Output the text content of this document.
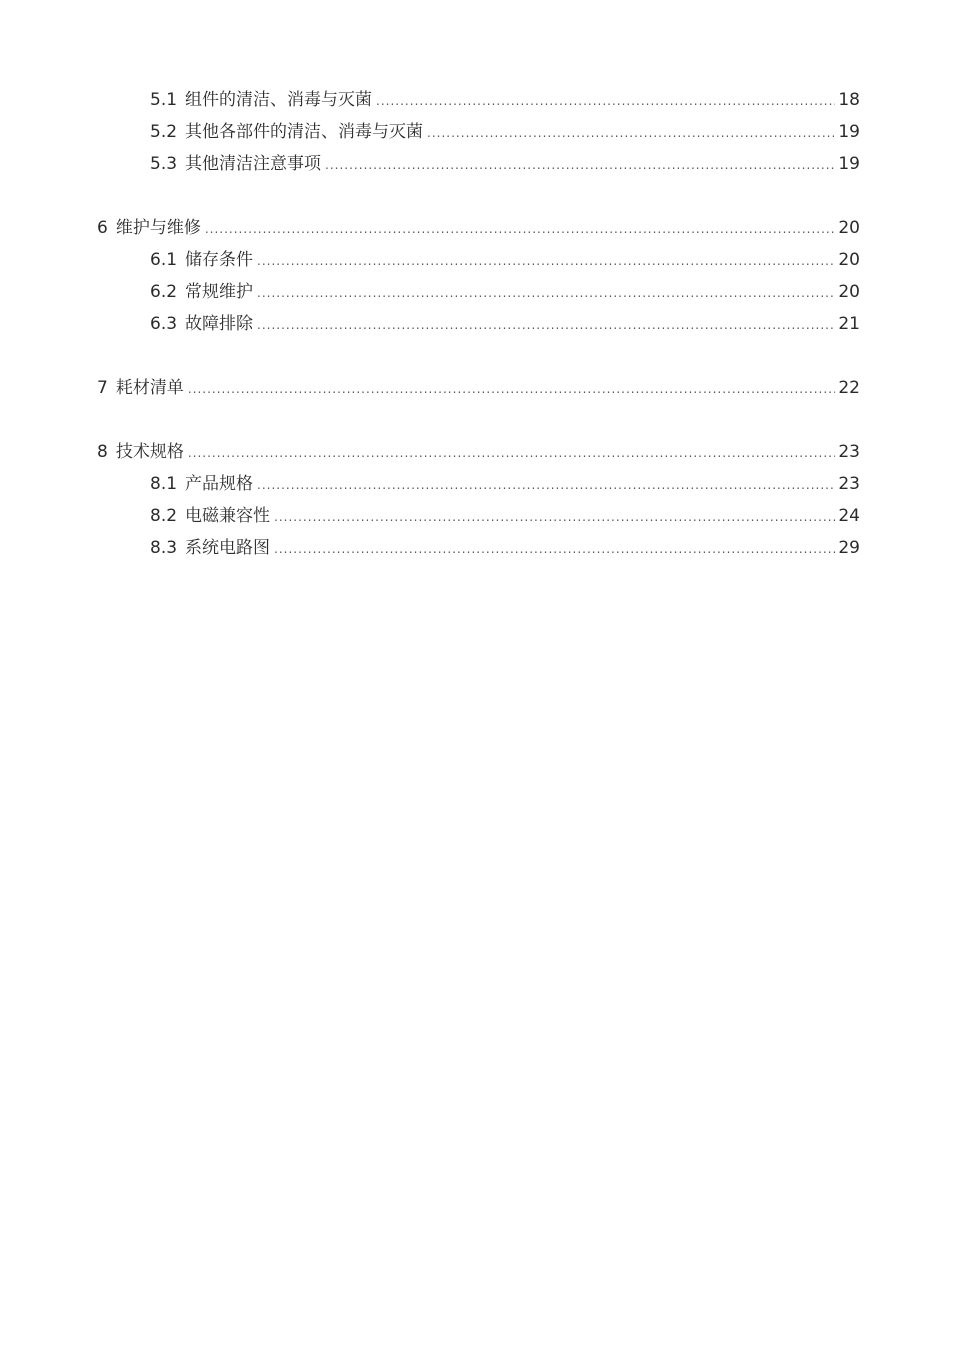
5.1 组件的清洁、消毒与灭菌 .....	18
5.2 其他各部件的清洁、消毒与灭菌 .....	19
5.3 其他清洁注意事项 .....	19
6 维护与维修 .....	20
6.1 储存条件 .....	20
6.2 常规维护 .....	20
6.3 故障排除 .....	21
7 耗材清单 .....	22
8 技术规格 .....	23
8.1 产品规格 .....	23
8.2 电磁兼容性 .....	24
8.3 系统电路图 .....	29
